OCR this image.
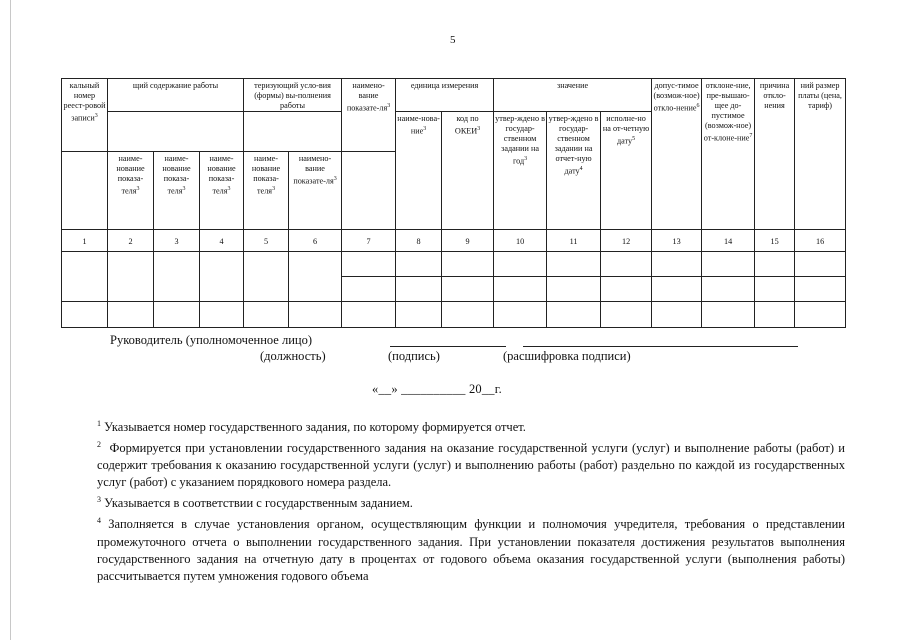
5
кальный номер реест-ровой записи$^3$	щий содержание работы			теризующий усло-вия (формы) вы-полнения работы		наимено-вание показате-$ля^3$	единица измерения		значение			допус-тимое (возмож-ное) откло-нение$^6$	отклоне-ние, пре-вышаю-щее до-пустимое (возмож-ное) от-клоне-ние$^7$	причина откло-нения	ний размер платы (цена, тариф)
							наиме-нова-ние$^3$	код по ОКЕИ$^3$	утвер-ждено в государ-ственном задании на год$^3$	утвер-ждено в государ-ственном задании на отчет-ную дату$^4$	исполне-но на от-четную дату$^5$
	наиме-нование показа-теля$^3$	наиме-нование показа-теля$^3$	наиме-нование показа-теля$^3$	наиме-нование показа-теля$^3$	наимено-вание показате-$ля^3$	
1	2	3	4	5	6	7	8	9	10	11	12	13	14	15	16

Руководитель (уполномоченное лицо)
(должность)	(подпись)	(расшифровка подписи)
«__» __________ 20__г.

$^1$ Указывается номер государственного задания, по которому формируется отчет.

$^2$ Формируется при установлении государственного задания на оказание государственной услуги (услуг) и выполнение работы (работ) и содержит требования к оказанию государственной услуги (услуг) и выполнению работы (работ) раздельно по каждой из государственных услуг (работ) с указанием порядкового номера раздела.

$^3$ Указывается в соответствии с государственным заданием.

$^4$ Заполняется в случае установления органом, осуществляющим функции и полномочия учредителя, требования о представлении промежуточного отчета о выполнении государственного задания. При установлении показателя достижения результатов выполнения государственного задания на отчетную дату в процентах от годового объема оказания государственной услуги (выполнения работы) рассчитывается путем умножения годового объема
